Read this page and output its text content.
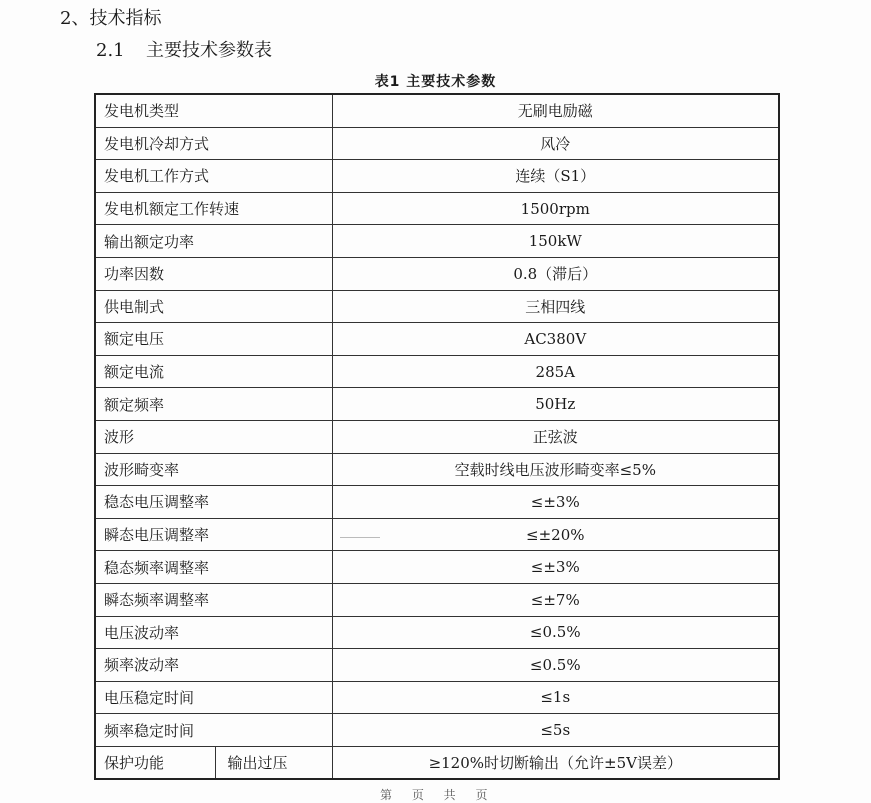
2、技术指标
2.1 主要技术参数表
表1 主要技术参数
发电机类型		无刷电励磁
发电机冷却方式		风冷
发电机工作方式		连续（S1）
发电机额定工作转速		1500rpm
输出额定功率		150kW
功率因数		0.8（滞后）
供电制式		三相四线
额定电压		AC380V
额定电流		285A
额定频率		50Hz
波形		正弦波
波形畸变率		空载时线电压波形畸变率≤5%
稳态电压调整率		≤±3%
瞬态电压调整率		≤±20%
稳态频率调整率		≤±3%
瞬态频率调整率		≤±7%
电压波动率		≤0.5%
频率波动率		≤0.5%
电压稳定时间		≤1s
频率稳定时间		≤5s
保护功能	输出过压	≥120%时切断输出（允许±5V误差）
第 页 共 页
